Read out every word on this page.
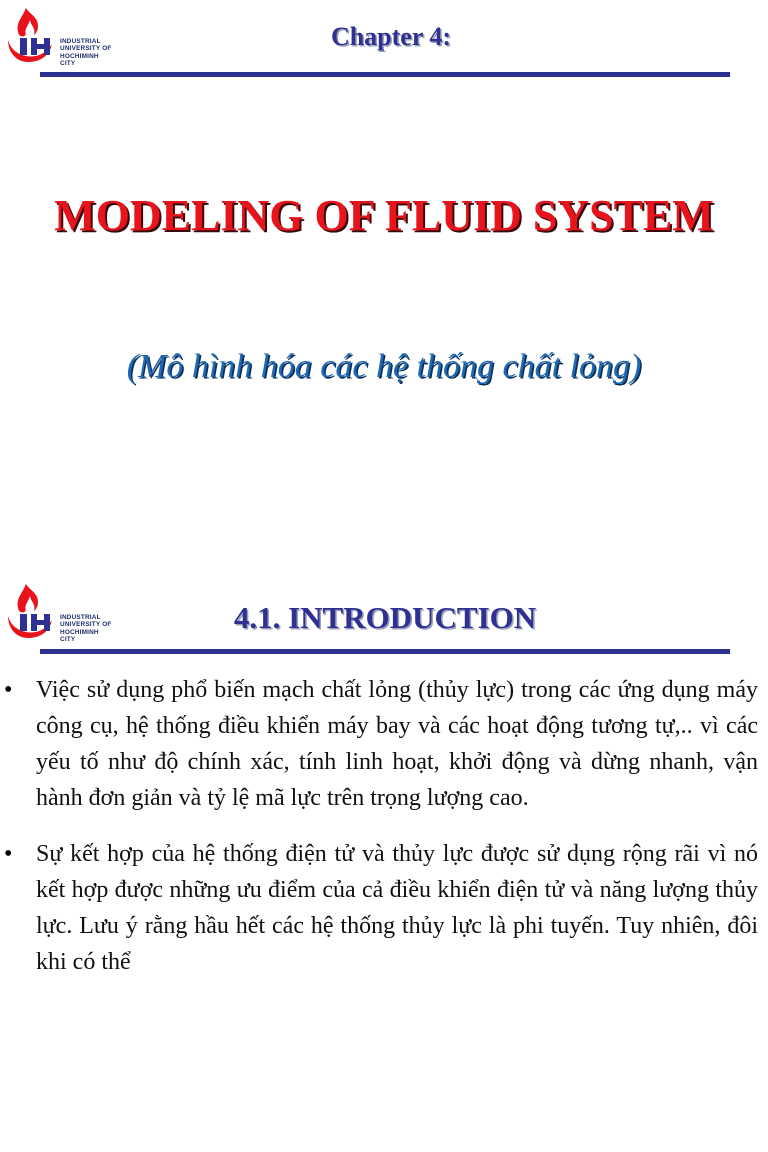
INDUSTRIAL
UNIVERSITY OF
HOCHIMINH CITY
Chapter 4:
MODELING OF FLUID SYSTEM
(Mô hình hóa các hệ thống chất lỏng)
INDUSTRIAL
UNIVERSITY OF
HOCHIMINH CITY
4.1. INTRODUCTION
• Việc sử dụng phổ biến mạch chất lỏng (thủy lực) trong các ứng dụng máy công cụ, hệ thống điều khiển máy bay và các hoạt động tương tự,.. vì các yếu tố như độ chính xác, tính linh hoạt, khởi động và dừng nhanh, vận hành đơn giản và tỷ lệ mã lực trên trọng lượng cao.
• Sự kết hợp của hệ thống điện tử và thủy lực được sử dụng rộng rãi vì nó kết hợp được những ưu điểm của cả điều khiển điện tử và năng lượng thủy lực. Lưu ý rằng hầu hết các hệ thống thủy lực là phi tuyến. Tuy nhiên, đôi khi có thể
